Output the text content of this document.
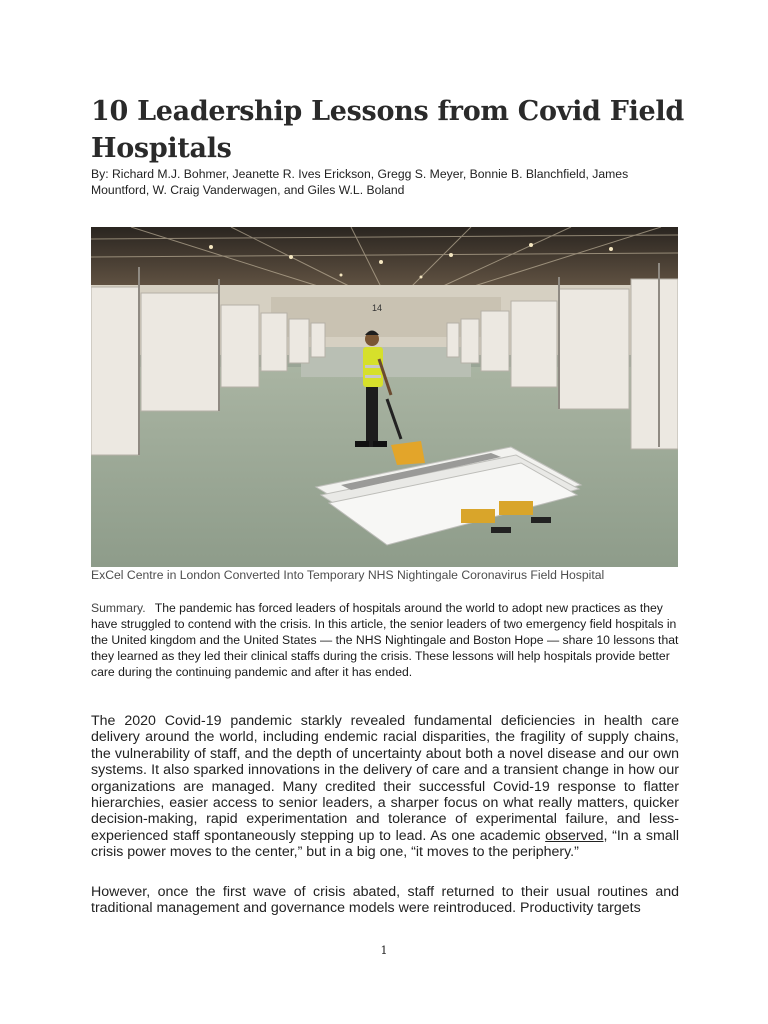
10 Leadership Lessons from Covid Field Hospitals

By: Richard M.J. Bohmer, Jeanette R. Ives Erickson, Gregg S. Meyer, Bonnie B. Blanchfield, James Mountford, W. Craig Vanderwagen, and Giles W.L. Boland

14

ExCel Centre in London Converted Into Temporary NHS Nightingale Coronavirus Field Hospital

Summary. The pandemic has forced leaders of hospitals around the world to adopt new practices as they have struggled to contend with the crisis. In this article, the senior leaders of two emergency field hospitals in the United kingdom and the United States — the NHS Nightingale and Boston Hope — share 10 lessons that they learned as they led their clinical staffs during the crisis. These lessons will help hospitals provide better care during the continuing pandemic and after it has ended.

The 2020 Covid-19 pandemic starkly revealed fundamental deficiencies in health care delivery around the world, including endemic racial disparities, the fragility of supply chains, the vulnerability of staff, and the depth of uncertainty about both a novel disease and our own systems. It also sparked innovations in the delivery of care and a transient change in how our organizations are managed. Many credited their successful Covid-19 response to flatter hierarchies, easier access to senior leaders, a sharper focus on what really matters, quicker decision-making, rapid experimentation and tolerance of experimental failure, and less-experienced staff spontaneously stepping up to lead. As one academic observed, “In a small crisis power moves to the center,” but in a big one, “it moves to the periphery.”

However, once the first wave of crisis abated, staff returned to their usual routines and traditional management and governance models were reintroduced. Productivity targets

1
